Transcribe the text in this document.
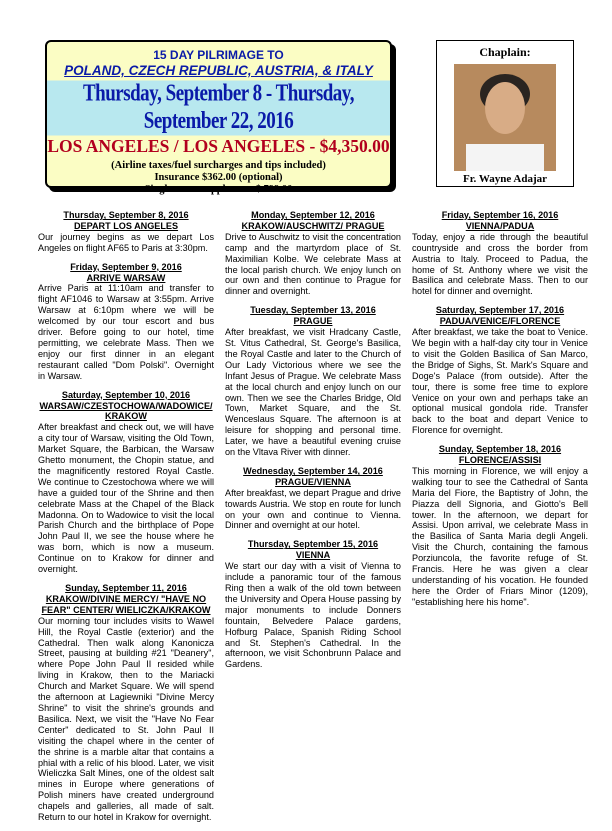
15 DAY PILRIMAGE TO
POLAND, CZECH REPUBLIC, AUSTRIA, & ITALY
Thursday, September 8 - Thursday, September 22, 2016
LOS ANGELES / LOS ANGELES - $4,350.00
(Airline taxes/fuel surcharges and tips included)
Insurance $362.00 (optional)
Single room supplement $ 799.00
Chaplain:
Fr. Wayne Adajar
Thursday, September 8, 2016
DEPART LOS ANGELES
Our journey begins as we depart Los Angeles on flight AF65 to Paris at 3:30pm.
Friday, September 9, 2016
ARRIVE WARSAW
Arrive Paris at 11:10am and transfer to flight AF1046 to Warsaw at 3:55pm. Arrive Warsaw at 6:10pm where we will be welcomed by our tour escort and bus driver. Before going to our hotel, time permitting, we celebrate Mass. Then we enjoy our first dinner in an elegant restaurant called "Dom Polski". Overnight in Warsaw.
Saturday, September 10, 2016
WARSAW/CZESTOCHOWA/WADOWICE/ KRAKOW
After breakfast and check out, we will have a city tour of Warsaw, visiting the Old Town, Market Square, the Barbican, the Warsaw Ghetto monument, the Chopin statue, and the magnificently restored Royal Castle. We continue to Czestochowa where we will have a guided tour of the Shrine and then celebrate Mass at the Chapel of the Black Madonna. On to Wadowice to visit the local Parish Church and the birthplace of Pope John Paul II, we see the house where he was born, which is now a museum. Continue on to Krakow for dinner and overnight.
Sunday, September 11, 2016
KRAKOW/DIVINE MERCY/ "HAVE NO FEAR" CENTER/ WIELICZKA/KRAKOW
Our morning tour includes visits to Wawel Hill, the Royal Castle (exterior) and the Cathedral. Then walk along Kanonicza Street, pausing at building #21 "Deanery", where Pope John Paul II resided while living in Krakow, then to the Mariacki Church and Market Square. We will spend the afternoon at Lagiewniki "Divine Mercy Shrine" to visit the shrine's grounds and Basilica. Next, we visit the "Have No Fear Center" dedicated to St. John Paul II visiting the chapel where in the center of the shrine is a marble altar that contains a phial with a relic of his blood. Later, we visit Wieliczka Salt Mines, one of the oldest salt mines in Europe where generations of Polish miners have created underground chapels and galleries, all made of salt. Return to our hotel in Krakow for overnight.
Monday, September 12, 2016
KRAKOW/AUSCHWITZ/ PRAGUE
Drive to Auschwitz to visit the concentration camp and the martyrdom place of St. Maximilian Kolbe. We celebrate Mass at the local parish church. We enjoy lunch on our own and then continue to Prague for dinner and overnight.
Tuesday, September 13, 2016
PRAGUE
After breakfast, we visit Hradcany Castle, St. Vitus Cathedral, St. George's Basilica, the Royal Castle and later to the Church of Our Lady Victorious where we see the Infant Jesus of Prague. We celebrate Mass at the local church and enjoy lunch on our own. Then we see the Charles Bridge, Old Town, Market Square, and the St. Wenceslaus Square. The afternoon is at leisure for shopping and personal time. Later, we have a beautiful evening cruise on the Vltava River with dinner.
Wednesday, September 14, 2016
PRAGUE/VIENNA
After breakfast, we depart Prague and drive towards Austria. We stop en route for lunch on your own and continue to Vienna. Dinner and overnight at our hotel.
Thursday, September 15, 2016
VIENNA
We start our day with a visit of Vienna to include a panoramic tour of the famous Ring then a walk of the old town between the University and Opera House passing by major monuments to include Donners fountain, Belvedere Palace gardens, Hofburg Palace, Spanish Riding School and St. Stephen's Cathedral. In the afternoon, we visit Schonbrunn Palace and Gardens.
Friday, September 16, 2016
VIENNA/PADUA
Today, enjoy a ride through the beautiful countryside and cross the border from Austria to Italy. Proceed to Padua, the home of St. Anthony where we visit the Basilica and celebrate Mass. Then to our hotel for dinner and overnight.
Saturday, September 17, 2016
PADUA/VENICE/FLORENCE
After breakfast, we take the boat to Venice. We begin with a half-day city tour in Venice to visit the Golden Basilica of San Marco, the Bridge of Sighs, St. Mark's Square and Doge's Palace (from outside). After the tour, there is some free time to explore Venice on your own and perhaps take an optional musical gondola ride. Transfer back to the boat and depart Venice to Florence for overnight.
Sunday, September 18, 2016
FLORENCE/ASSISI
This morning in Florence, we will enjoy a walking tour to see the Cathedral of Santa Maria del Fiore, the Baptistry of John, the Piazza dell Signoria, and Giotto's Bell tower. In the afternoon, we depart for Assisi. Upon arrival, we celebrate Mass in the Basilica of Santa Maria degli Angeli. Visit the Church, containing the famous Porziuncola, the favorite refuge of St. Francis. Here he was given a clear understanding of his vocation. He founded here the Order of Friars Minor (1209), "establishing here his home".
